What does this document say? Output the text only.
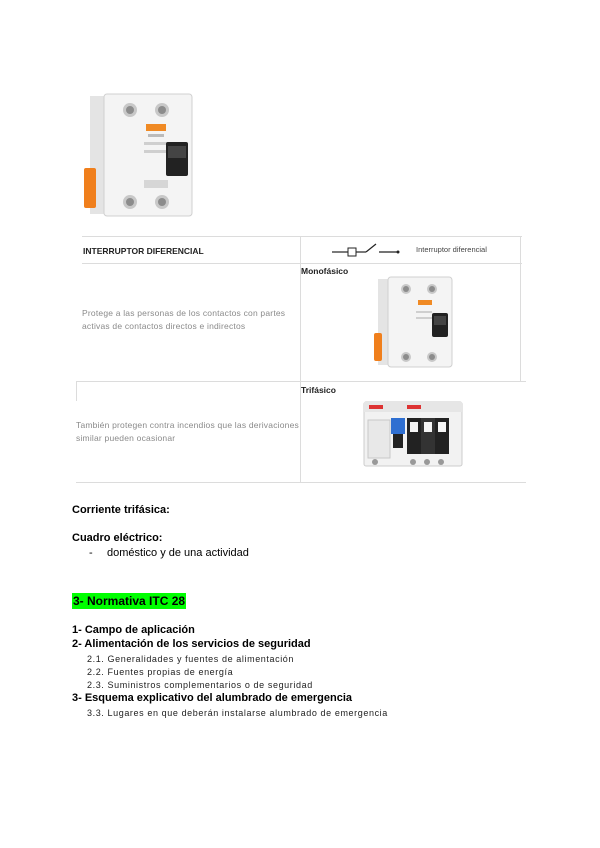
INTERRUPTOR DIFERENCIAL	Interruptor diferencial
Protege a las personas de los contactos con partes activas de contactos directos e indirectos
Monofásico
También protegen contra incendios que las derivaciones similar pueden ocasionar
Trifásico
Corriente trifásica:
Cuadro eléctrico:
- doméstico y de una actividad
3- Normativa ITC 28
1- Campo de aplicación
2- Alimentación de los servicios de seguridad
2.1. Generalidades y fuentes de alimentación
2.2. Fuentes propias de energía
2.3. Suministros complementarios o de seguridad
3- Esquema explicativo del alumbrado de emergencia
3.3. Lugares en que deberán instalarse alumbrado de emergencia
